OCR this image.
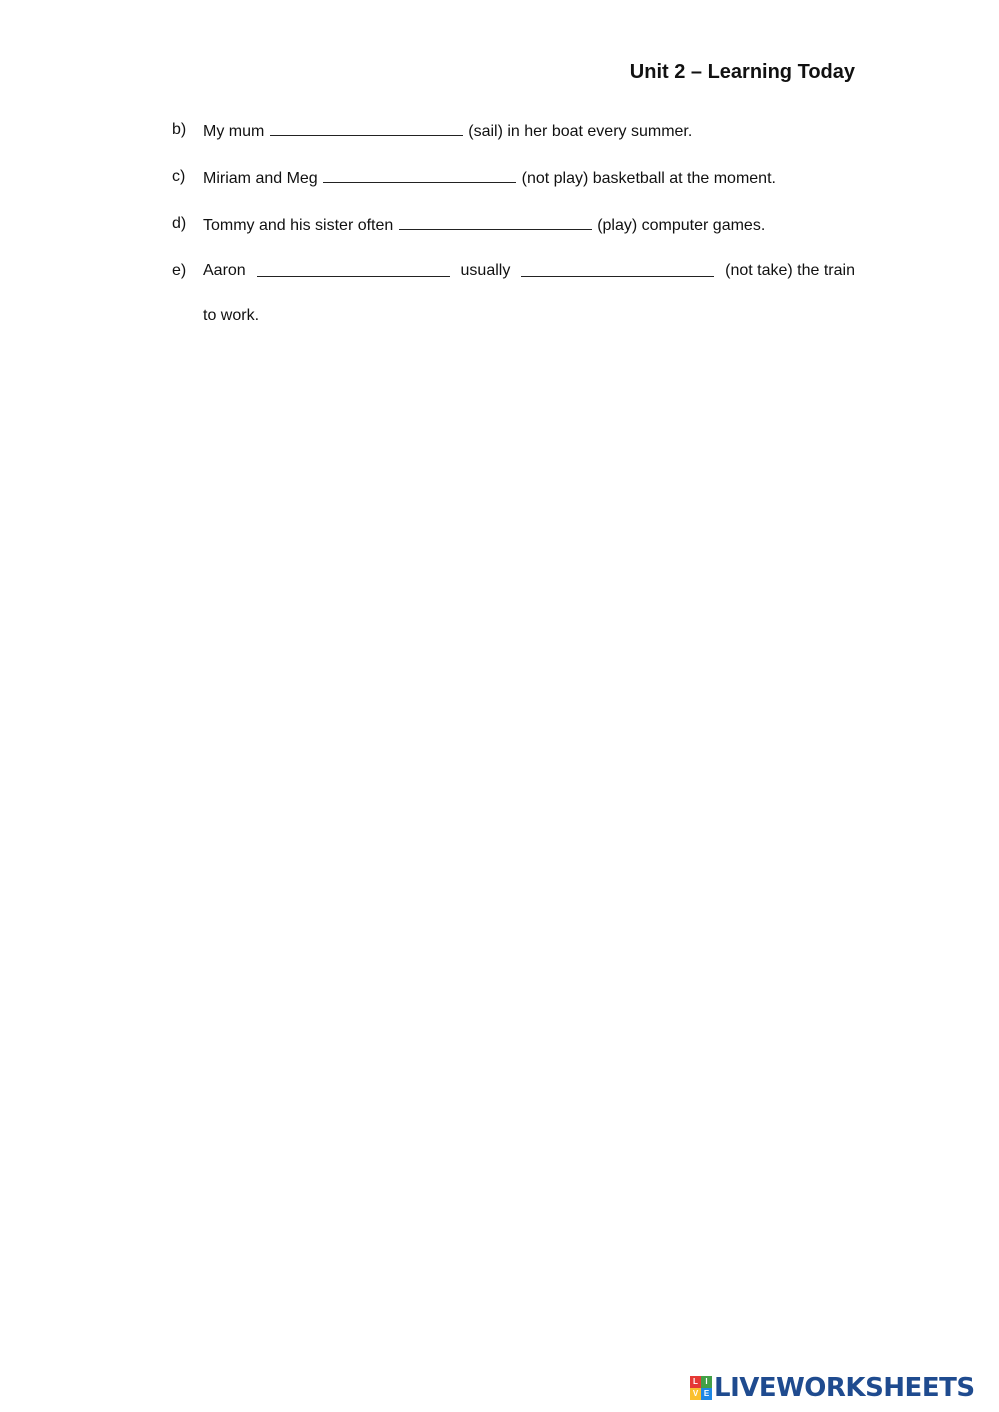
Unit 2 – Learning Today
b)	My mum	(sail) in her boat every summer.
c)	Miriam and Meg	(not play) basketball at the moment.
d)	Tommy and his sister often	(play) computer games.
e)	Aaron	usually	(not take) the train
to work.
L I
V E LIVEWORKSHEETS
